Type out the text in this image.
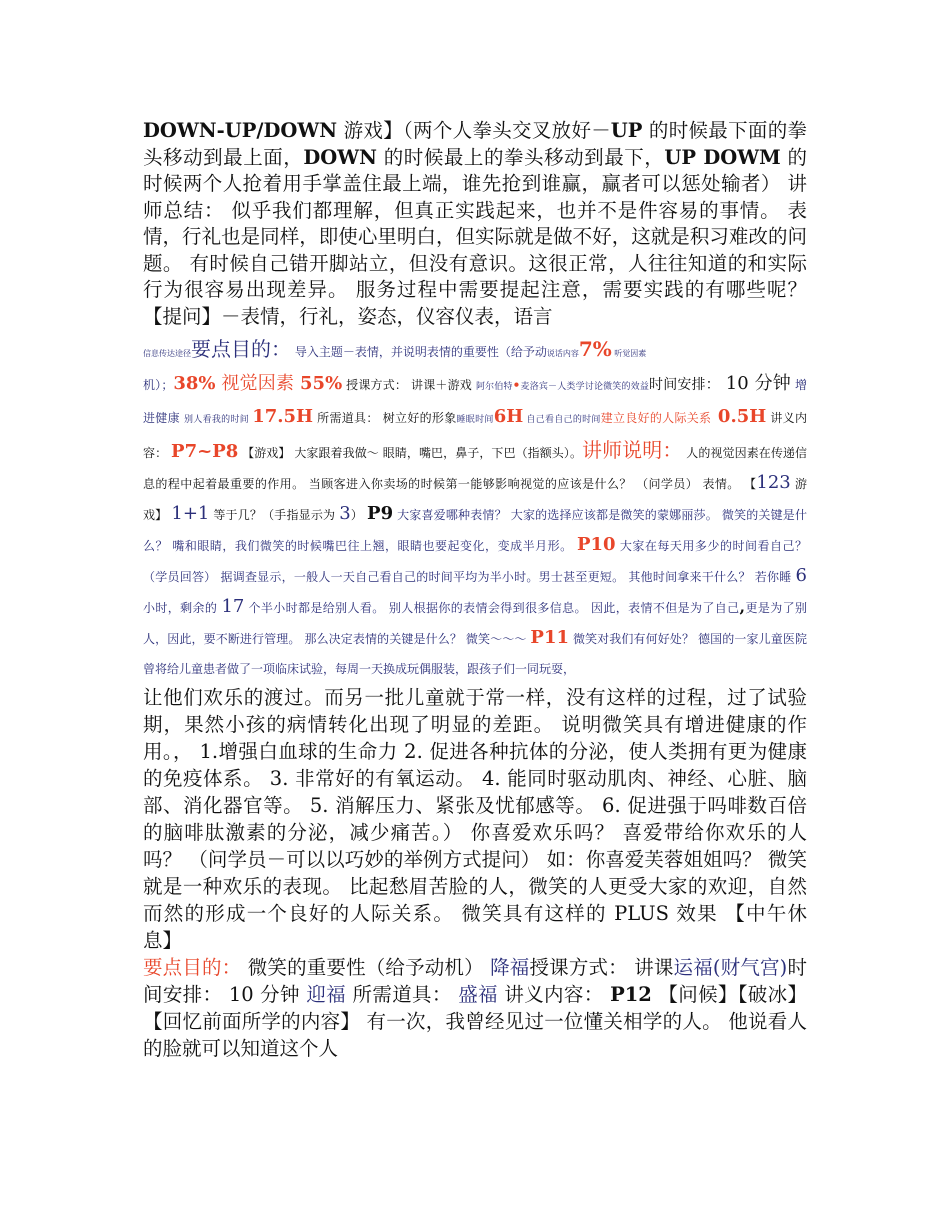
DOWN-UP/DOWN 游戏】（两个人拳头交叉放好－UP 的时候最下面的拳头移动到最上面，DOWN 的时候最上的拳头移动到最下，UP DOWM 的时候两个人抢着用手掌盖住最上端，谁先抢到谁赢，赢者可以惩处输者） 讲师总结： 似乎我们都理解，但真正实践起来，也并不是件容易的事情。 表情，行礼也是同样，即使心里明白，但实际就是做不好，这就是积习难改的问题。 有时候自己错开脚站立，但没有意识。这很正常，人往往知道的和实际行为很容易出现差异。 服务过程中需要提起注意，需要实践的有哪些呢？ 【提问】－表情，行礼，姿态，仪容仪表，语言

信息传达途径要点目的： 导入主题－表情，并说明表情的重要性（给予动说话内容7% 听觉因素
机）；38% 视觉因素 55% 授课方式： 讲课＋游戏 阿尔伯特•麦洛宾－人类学讨论微笑的效益时间安排： 10 分钟 增进健康 别人看我的时间 17.5H 所需道具： 树立好的形象睡眠时间6H 自己看自己的时间建立良好的人际关系 0.5H 讲义内容： P7~P8 【游戏】 大家跟着我做～ 眼睛，嘴巴，鼻子，下巴（指额头）。讲师说明： 人的视觉因素在传递信息的程中起着最重要的作用。 当顾客进入你卖场的时候第一能够影响视觉的应该是什么？ （问学员） 表情。 【123 游戏】 1+1 等于几？（手指显示为 3） P9 大家喜爱哪种表情？ 大家的选择应该都是微笑的蒙娜丽莎。 微笑的关键是什么？ 嘴和眼睛，我们微笑的时候嘴巴往上翘，眼睛也要起变化，变成半月形。 P10 大家在每天用多少的时间看自己？ （学员回答） 据调查显示，一般人一天自己看自己的时间平均为半小时。男士甚至更短。 其他时间拿来干什么？ 若你睡 6 小时，剩余的 17 个半小时都是给别人看。 别人根据你的表情会得到很多信息。 因此，表情不但是为了自己,更是为了别人，因此，要不断进行管理。 那么决定表情的关键是什么？ 微笑～～～ P11 微笑对我们有何好处？ 德国的一家儿童医院曾将给儿童患者做了一项临床试验，每周一天换成玩偶服装，跟孩子们一同玩耍，

让他们欢乐的渡过。而另一批儿童就于常一样，没有这样的过程，过了试验期，果然小孩的病情转化出现了明显的差距。 说明微笑具有增进健康的作用。， 1.增强白血球的生命力 2. 促进各种抗体的分泌，使人类拥有更为健康的免疫体系。 3. 非常好的有氧运动。 4. 能同时驱动肌肉、神经、心脏、脑部、消化器官等。 5. 消解压力、紧张及忧郁感等。 6. 促进强于吗啡数百倍的脑啡肽激素的分泌，减少痛苦。） 你喜爱欢乐吗？ 喜爱带给你欢乐的人吗？ （问学员－可以以巧妙的举例方式提问） 如：你喜爱芙蓉姐姐吗？ 微笑就是一种欢乐的表现。 比起愁眉苦脸的人，微笑的人更受大家的欢迎，自然而然的形成一个良好的人际关系。 微笑具有这样的 PLUS 效果 【中午休息】
要点目的： 微笑的重要性（给予动机） 降福授课方式： 讲课运福(财气宫)时间安排： 10 分钟 迎福 所需道具： 盛福 讲义内容： P12 【问候】【破冰】【回忆前面所学的内容】 有一次，我曾经见过一位懂关相学的人。 他说看人的脸就可以知道这个人
